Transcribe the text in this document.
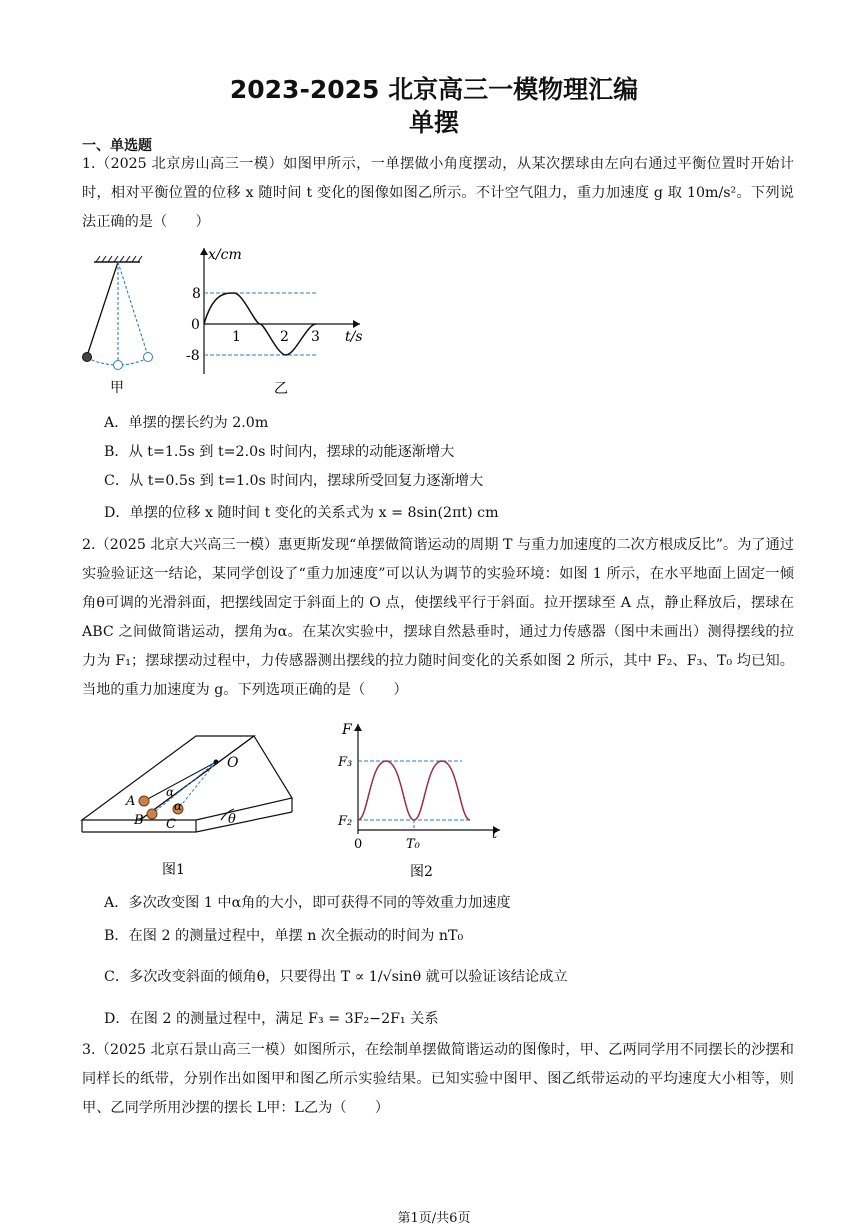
2023-2025 北京高三一模物理汇编
单摆
一、单选题
1.（2025 北京房山高三一模）如图甲所示，一单摆做小角度摆动，从某次摆球由左向右通过平衡位置时开始计时，相对平衡位置的位移 x 随时间 t 变化的图像如图乙所示。不计空气阻力，重力加速度 g 取 10m/s²。下列说法正确的是（　　）
甲
x/cm
8
0
-8
1	2 3 t/s
乙
A．单摆的摆长约为 2.0m
B．从 t=1.5s 到 t=2.0s 时间内，摆球的动能逐渐增大
C．从 t=0.5s 到 t=1.0s 时间内，摆球所受回复力逐渐增大
D．单摆的位移 x 随时间 t 变化的关系式为 x = 8sin(2πt) cm
2.（2025 北京大兴高三一模）惠更斯发现“单摆做简谐运动的周期 T 与重力加速度的二次方根成反比”。为了通过实验验证这一结论，某同学创设了“重力加速度”可以认为调节的实验环境：如图 1 所示，在水平地面上固定一倾角θ可调的光滑斜面，把摆线固定于斜面上的 O 点，使摆线平行于斜面。拉开摆球至 A 点，静止释放后，摆球在 ABC 之间做简谐运动，摆角为α。在某次实验中，摆球自然悬垂时，通过力传感器（图中未画出）测得摆线的拉力为 F₁；摆球摆动过程中，力传感器测出摆线的拉力随时间变化的关系如图 2 所示，其中 F₂、F₃、T₀ 均已知。当地的重力加速度为 g。下列选项正确的是（　　）
O
A
B C
α
α
θ
图1
F
F₃
F₂
0	T₀
t
图2
A．多次改变图 1 中α角的大小，即可获得不同的等效重力加速度
B．在图 2 的测量过程中，单摆 n 次全振动的时间为 nT₀
C．多次改变斜面的倾角θ，只要得出 T ∝ 1/√sinθ 就可以验证该结论成立
D．在图 2 的测量过程中，满足 F₃ = 3F₂−2F₁ 关系
3.（2025 北京石景山高三一模）如图所示，在绘制单摆做简谐运动的图像时，甲、乙两同学用不同摆长的沙摆和同样长的纸带，分别作出如图甲和图乙所示实验结果。已知实验中图甲、图乙纸带运动的平均速度大小相等，则甲、乙同学所用沙摆的摆长 L甲：L乙为（　　）
第1页/共6页
